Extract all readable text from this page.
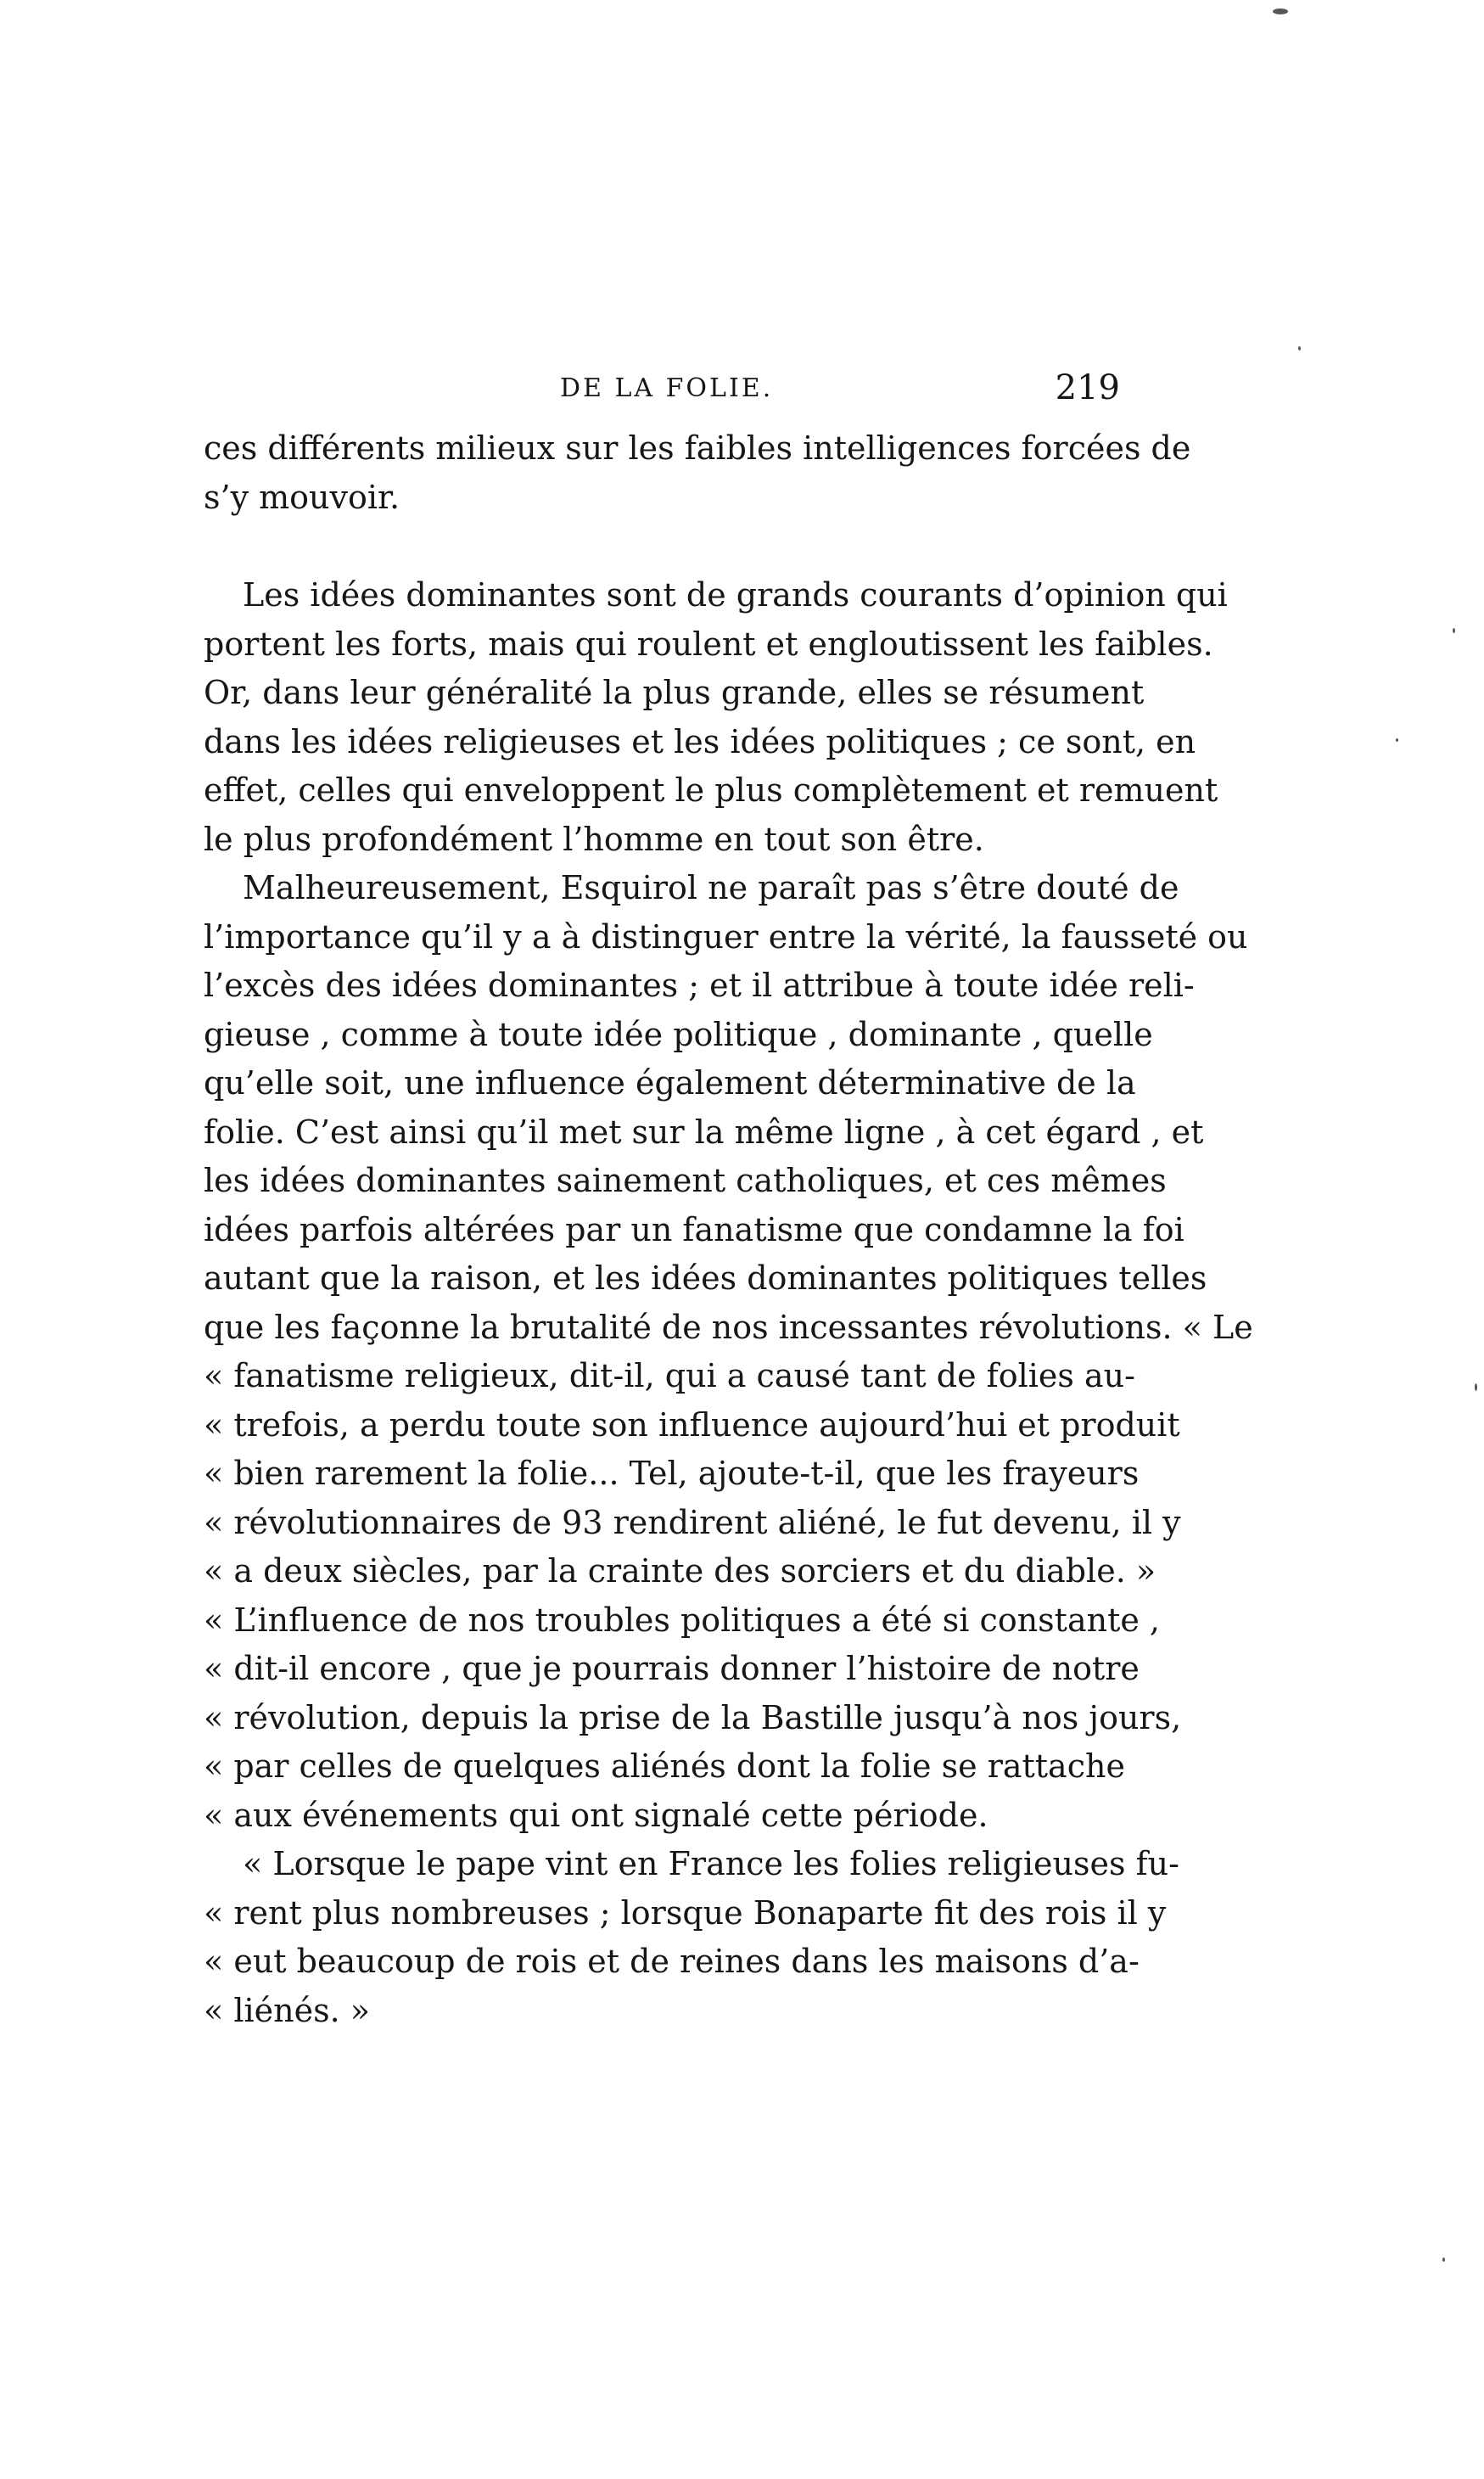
DE LA FOLIE.	219
ces différents milieux sur les faibles intelligences forcées de
s’y mouvoir.
Les idées dominantes sont de grands courants d’opinion qui
portent les forts, mais qui roulent et engloutissent les faibles.
Or, dans leur généralité la plus grande, elles se résument
dans les idées religieuses et les idées politiques ; ce sont, en
effet, celles qui enveloppent le plus complètement et remuent
le plus profondément l’homme en tout son être.
Malheureusement, Esquirol ne paraît pas s’être douté de
l’importance qu’il y a à distinguer entre la vérité, la fausseté ou
l’excès des idées dominantes ; et il attribue à toute idée reli-
gieuse , comme à toute idée politique , dominante , quelle
qu’elle soit, une influence également déterminative de la
folie. C’est ainsi qu’il met sur la même ligne , à cet égard , et
les idées dominantes sainement catholiques, et ces mêmes
idées parfois altérées par un fanatisme que condamne la foi
autant que la raison, et les idées dominantes politiques telles
que les façonne la brutalité de nos incessantes révolutions. « Le
« fanatisme religieux, dit-il, qui a causé tant de folies au-
« trefois, a perdu toute son influence aujourd’hui et produit
« bien rarement la folie... Tel, ajoute-t-il, que les frayeurs
« révolutionnaires de 93 rendirent aliéné, le fut devenu, il y
« a deux siècles, par la crainte des sorciers et du diable. »
« L’influence de nos troubles politiques a été si constante ,
« dit-il encore , que je pourrais donner l’histoire de notre
« révolution, depuis la prise de la Bastille jusqu’à nos jours,
« par celles de quelques aliénés dont la folie se rattache
« aux événements qui ont signalé cette période.
« Lorsque le pape vint en France les folies religieuses fu-
« rent plus nombreuses ; lorsque Bonaparte fit des rois il y
« eut beaucoup de rois et de reines dans les maisons d’a-
« liénés. »
